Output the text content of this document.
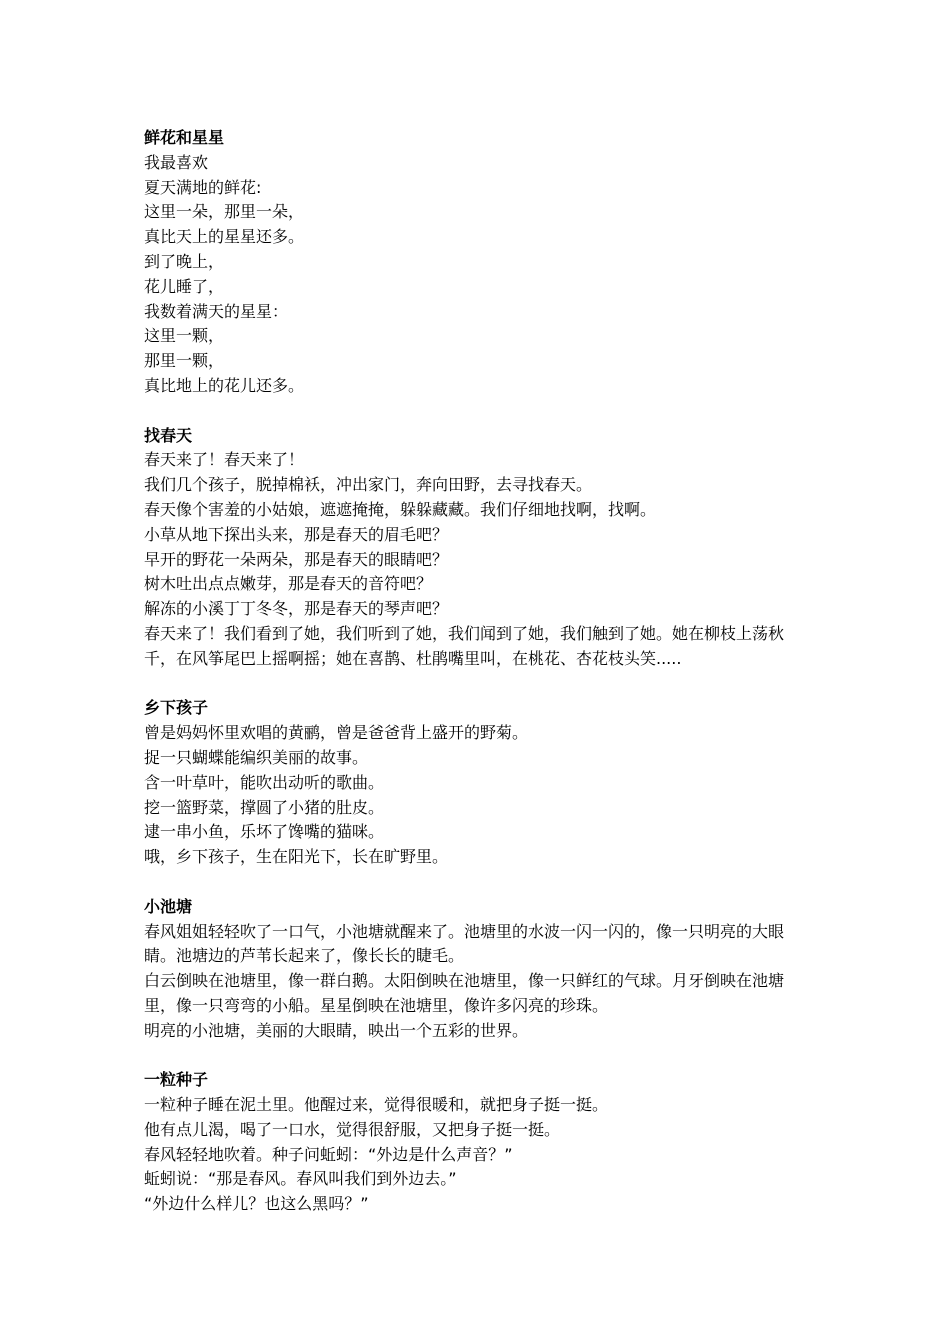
鲜花和星星

我最喜欢

夏天满地的鲜花:

这里一朵，那里一朵，

真比天上的星星还多。

到了晚上，

花儿睡了，

我数着满天的星星：

这里一颗，

那里一颗，

真比地上的花儿还多。

找春天

春天来了！春天来了！

我们几个孩子，脱掉棉袄，冲出家门，奔向田野，去寻找春天。

春天像个害羞的小姑娘，遮遮掩掩，躲躲藏藏。我们仔细地找啊，找啊。

小草从地下探出头来，那是春天的眉毛吧？

早开的野花一朵两朵，那是春天的眼睛吧？

树木吐出点点嫩芽，那是春天的音符吧？

解冻的小溪丁丁冬冬，那是春天的琴声吧？

春天来了！我们看到了她，我们听到了她，我们闻到了她，我们触到了她。她在柳枝上荡秋千，在风筝尾巴上摇啊摇；她在喜鹊、杜鹃嘴里叫，在桃花、杏花枝头笑.....

乡下孩子

曾是妈妈怀里欢唱的黄鹂，曾是爸爸背上盛开的野菊。

捉一只蝴蝶能编织美丽的故事。

含一叶草叶，能吹出动听的歌曲。

挖一篮野菜，撑圆了小猪的肚皮。

逮一串小鱼，乐坏了馋嘴的猫咪。

哦，乡下孩子，生在阳光下，长在旷野里。

小池塘

春风姐姐轻轻吹了一口气，小池塘就醒来了。池塘里的水波一闪一闪的，像一只明亮的大眼睛。池塘边的芦苇长起来了，像长长的睫毛。

白云倒映在池塘里，像一群白鹅。太阳倒映在池塘里，像一只鲜红的气球。月牙倒映在池塘里，像一只弯弯的小船。星星倒映在池塘里，像许多闪亮的珍珠。

明亮的小池塘，美丽的大眼睛，映出一个五彩的世界。

一粒种子

一粒种子睡在泥土里。他醒过来，觉得很暖和，就把身子挺一挺。

他有点儿渴，喝了一口水，觉得很舒服，又把身子挺一挺。

春风轻轻地吹着。种子问蚯蚓：“外边是什么声音？”

蚯蚓说：“那是春风。春风叫我们到外边去。”

“外边什么样儿？也这么黑吗？”
